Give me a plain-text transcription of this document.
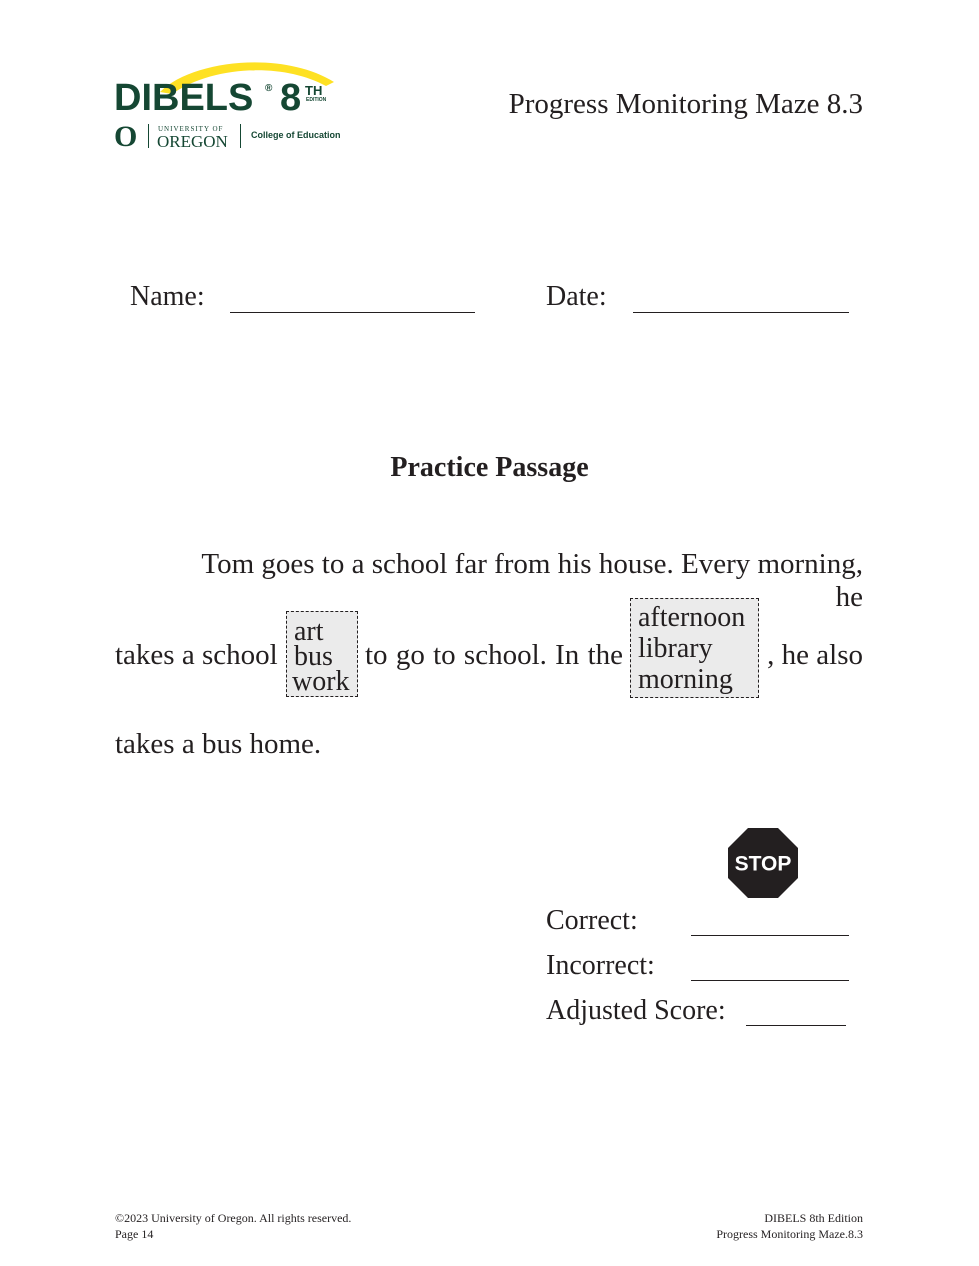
DIBELS ® 8 TH
EDITION
O	UNIVERSITY OF
OREGON	College of Education
Progress Monitoring Maze 8.3
Name:	Date:
Practice Passage
Tom goes to a school far from his house. Every morning, he
takes a school
art
bus
work
to go to school. In the
afternoon
library
morning
, he also
takes a bus home.
STOP
Correct:
Incorrect:
Adjusted Score:
©2023 University of Oregon. All rights reserved.
Page 14
DIBELS 8th Edition
Progress Monitoring Maze.8.3
